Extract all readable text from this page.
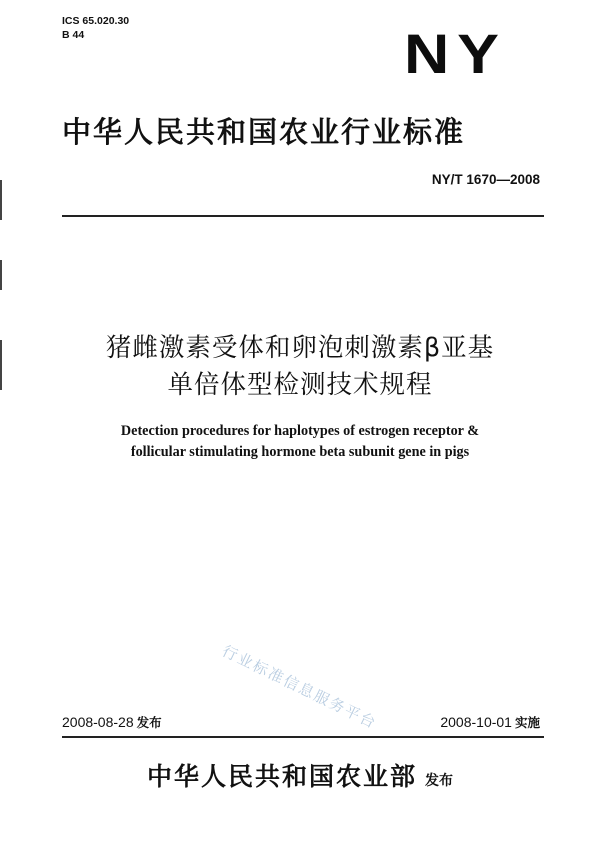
ICS 65.020.30
B 44	NY
中华人民共和国农业行业标准
NY/T 1670—2008
猪雌激素受体和卵泡刺激素β亚基
单倍体型检测技术规程
Detection procedures for haplotypes of estrogen receptor &
follicular stimulating hormone beta subunit gene in pigs
行业标准信息服务平台
2008-08-28 发布	2008-10-01 实施
中华人民共和国农业部 发布
